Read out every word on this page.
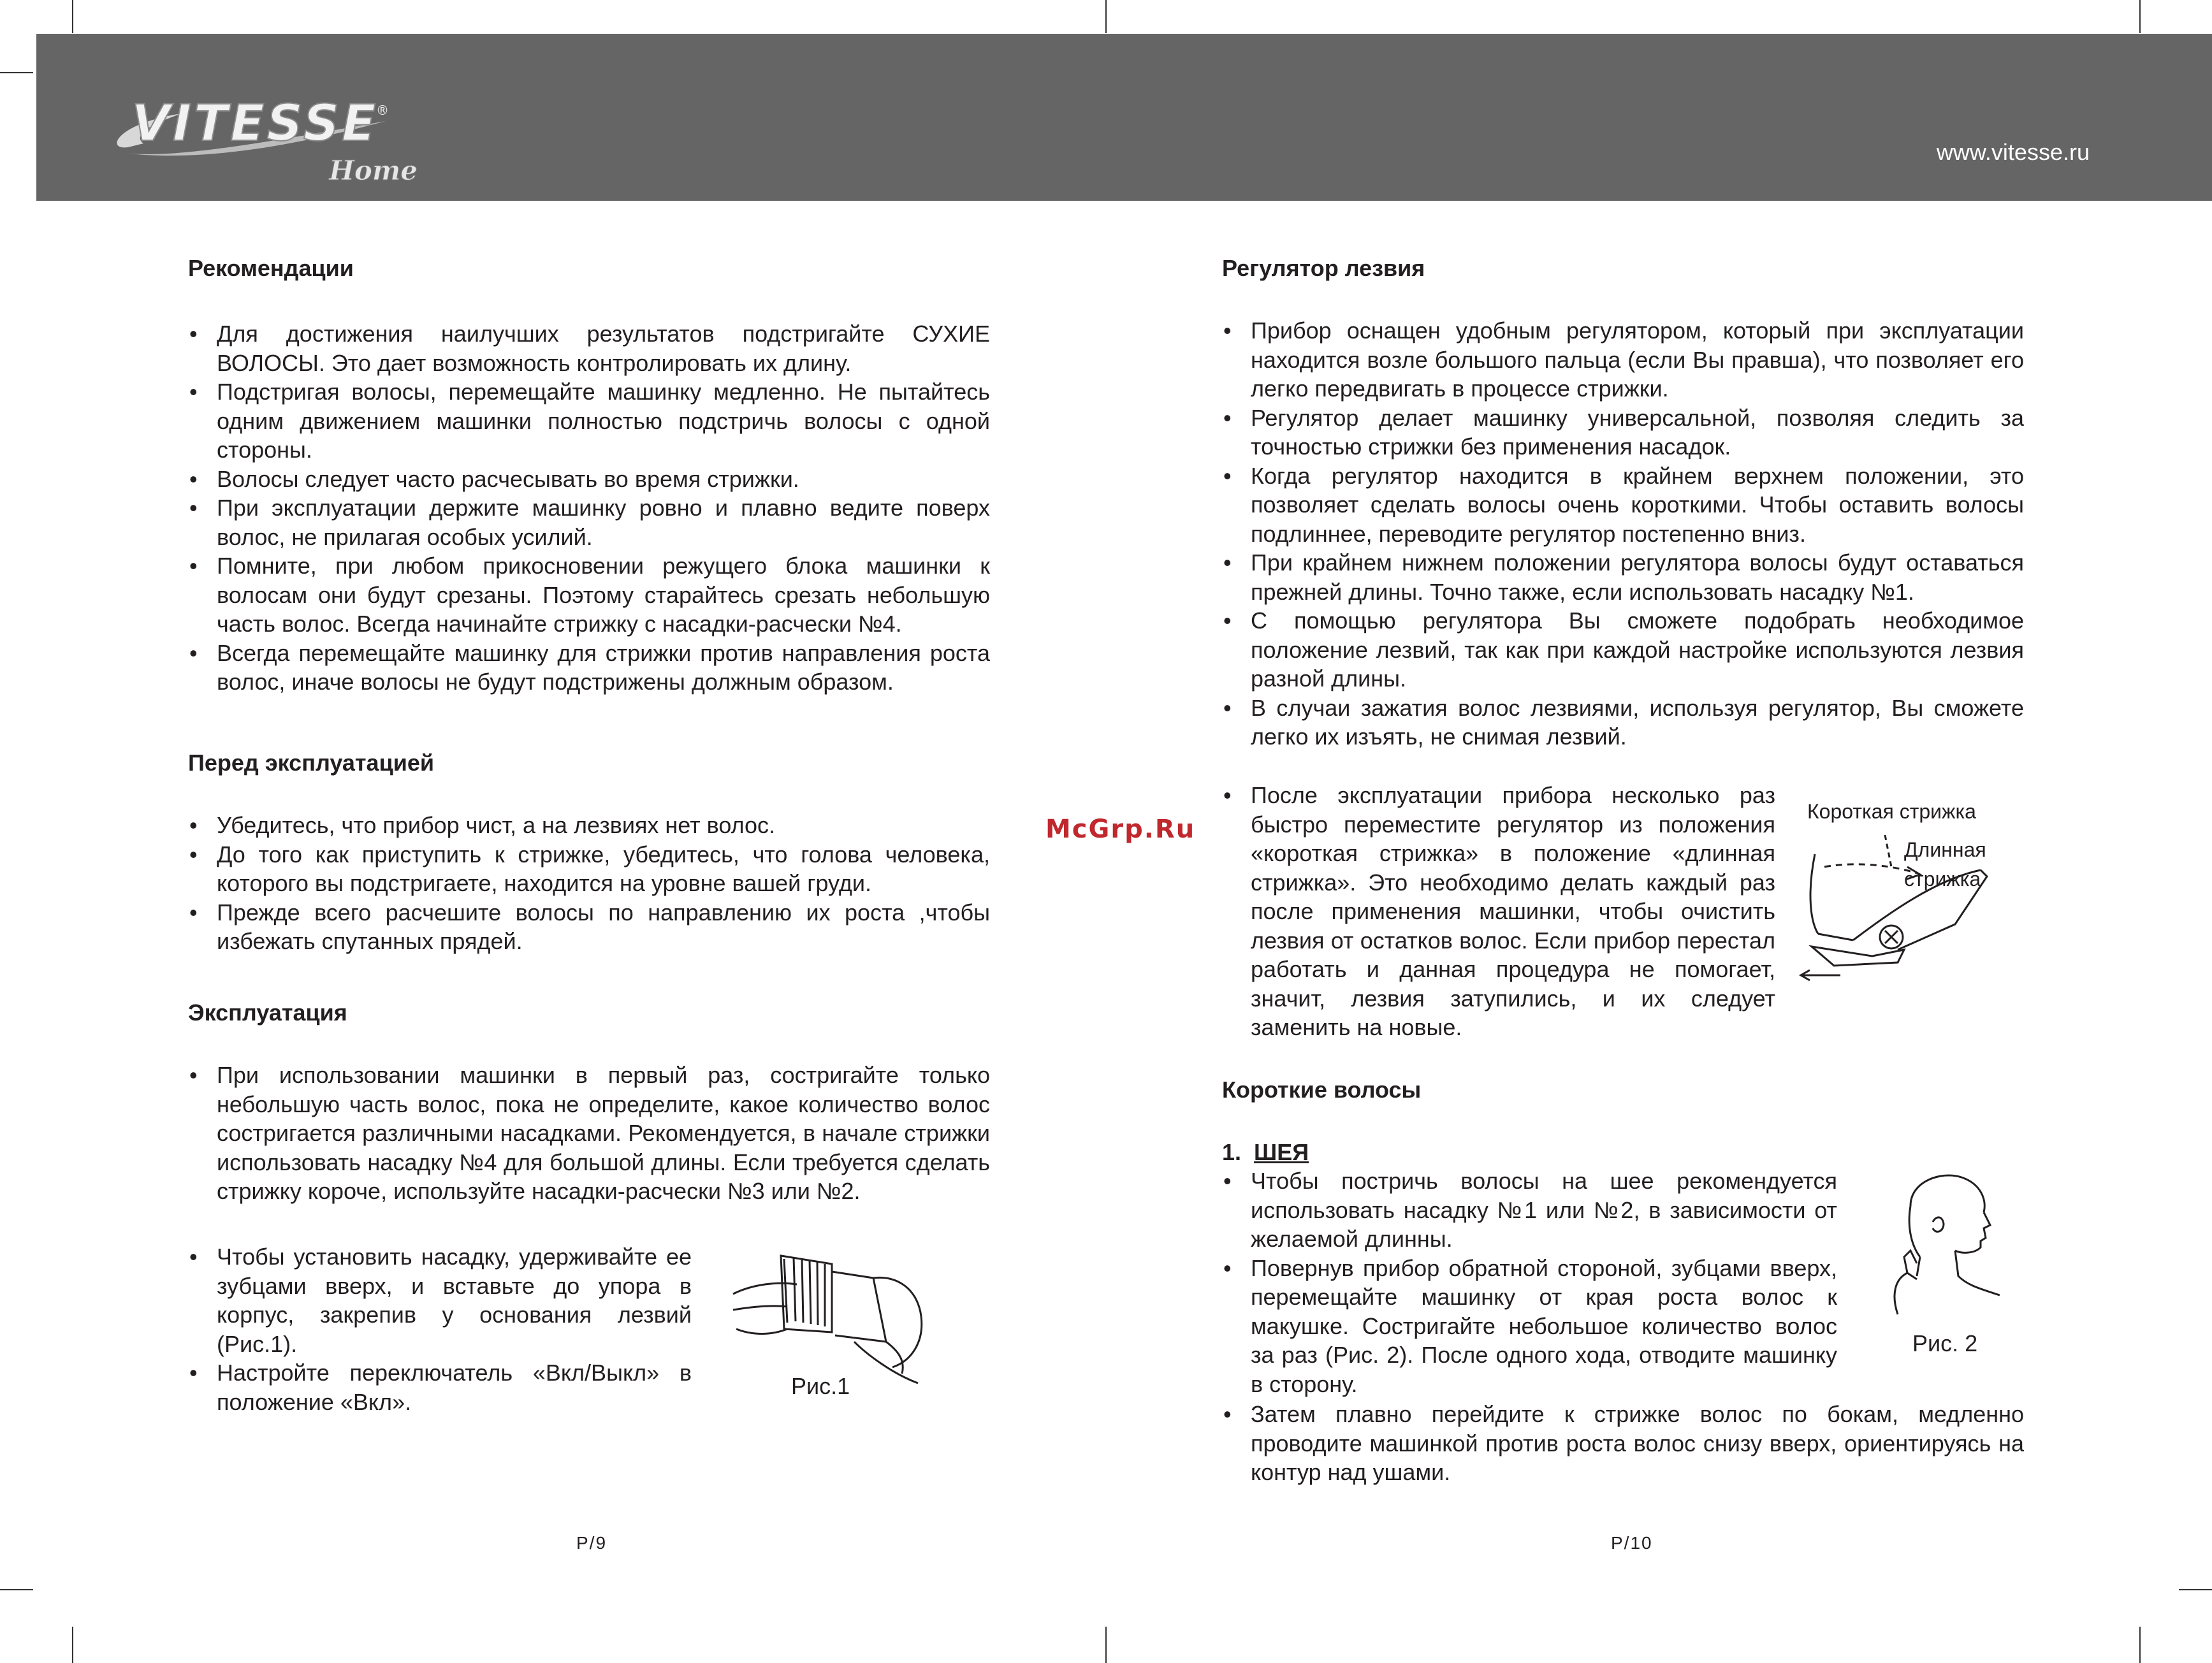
VITESSE
®
Home
www.vitesse.ru
Рекомендации
• Для достижения наилучших результатов подстригайте СУХИЕ ВОЛОСЫ. Это дает возможность контролировать их длину.
• Подстригая волосы, перемещайте машинку медленно. Не пытайтесь одним движением машинки полностью подстричь волосы с одной стороны.
• Волосы следует часто расчесывать во время стрижки.
• При эксплуатации держите машинку ровно и плавно ведите поверх волос, не прилагая особых усилий.
• Помните, при любом прикосновении режущего блока машинки к волосам они будут срезаны. Поэтому старайтесь срезать небольшую часть волос. Всегда начинайте стрижку с насадки-расчески №4.
• Всегда перемещайте машинку для стрижки против направления роста волос, иначе волосы не будут подстрижены должным образом.
Перед эксплуатацией
• Убедитесь, что прибор чист, а на лезвиях нет волос.
• До того как приступить к стрижке, убедитесь, что голова человека, которого вы подстригаете, находится на уровне вашей груди.
• Прежде всего расчешите волосы по направлению их роста ,чтобы избежать спутанных прядей.
Эксплуатация
• При использовании машинки в первый раз, состригайте только небольшую часть волос, пока не определите, какое количество волос состригается различными насадками. Рекомендуется, в начале стрижки использовать насадку №4 для большой длины. Если требуется сделать стрижку короче, используйте насадки-расчески №3 или №2.
• Чтобы установить насадку, удерживайте ее зубцами вверх, и вставьте до упора в корпус, закрепив у основания лезвий (Рис.1).
• Настройте переключатель «Вкл/Выкл» в положение «Вкл».
Рис.1
P/9
McGrp.Ru
Регулятор лезвия
• Прибор оснащен удобным регулятором, который при эксплуатации находится возле большого пальца (если Вы правша), что позволяет его легко передвигать в процессе стрижки.
• Регулятор делает машинку универсальной, позволяя следить за точностью стрижки без применения насадок.
• Когда регулятор находится в крайнем верхнем положении, это позволяет сделать волосы очень короткими. Чтобы оставить волосы подлиннее, переводите регулятор постепенно вниз.
• При крайнем нижнем положении регулятора волосы будут оставаться прежней длины. Точно также, если использовать насадку №1.
• С помощью регулятора Вы сможете подобрать необходимое положение лезвий, так как при каждой настройке используются лезвия разной длины.
• В случаи зажатия волос лезвиями, используя регулятор, Вы сможете легко их изъять, не снимая лезвий.
• После эксплуатации прибора несколько раз быстро переместите регулятор из положения «короткая стрижка» в положение «длинная стрижка». Это необходимо делать каждый раз после применения машинки, чтобы очистить лезвия от остатков волос. Если прибор перестал работать и данная процедура не помогает, значит, лезвия затупились, и их следует заменить на новые.
Короткая стрижка
Длинная стрижка
Короткие волосы
1. ШЕЯ
• Чтобы постричь волосы на шее рекомендуется использовать насадку №1 или №2, в зависимости от желаемой длинны.
• Повернув прибор обратной стороной, зубцами вверх, перемещайте машинку от края роста волос к макушке. Состригайте небольшое количество волос за раз (Рис. 2). После одного хода, отводите машинку в сторону.
• Затем плавно перейдите к стрижке волос по бокам, медленно проводите машинкой против роста волос снизу вверх, ориентируясь на контур над ушами.
Рис. 2
P/10
